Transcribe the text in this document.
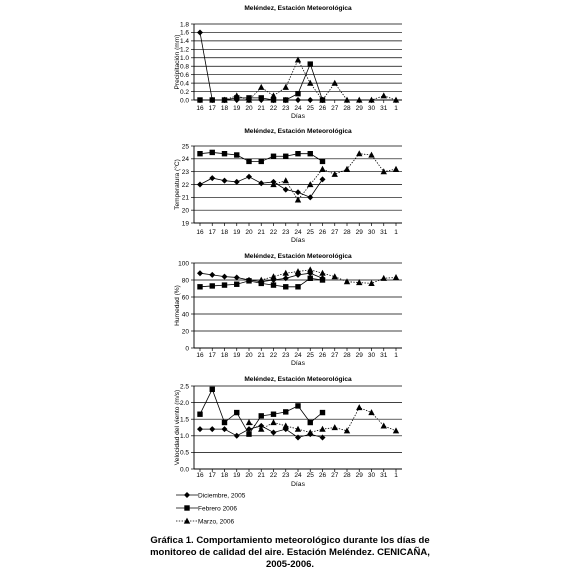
Meléndez, Estación Meteorológica
0.0
0.2
0.4
0.6
0.8
1.0
1.2
1.4
1.6
1.8
16 17 18 19 20 21 22 23 24 25 26 27 28 29 30 31 1
Días
Precipitación (mm)
Meléndez, Estación Meteorológica
19
20
21
22
23
24
25
16 17 18 19 20 21 22 23 24 25 26 27 28 29 30 31 1
Días
Temperatura (°C)
Meléndez, Estación Meteorológica
0
20
40
60
80
100
16 17 18 19 20 21 22 23 24 25 26 27 28 29 30 31 1
Días
Humedad (%)
Meléndez, Estación Meteorológica
0.0
0.5
1.0
1.5
2.0
2.5
16 17 18 19 20 21 22 23 24 25 26 27 28 29 30 31 1
Días
Velocidad del viento (m/s)
Diciembre, 2005
Febrero 2006
Marzo, 2006
Gráfica 1. Comportamiento meteorológico durante los días de monitoreo de calidad del aire. Estación Meléndez. CENICAÑA, 2005-2006.
